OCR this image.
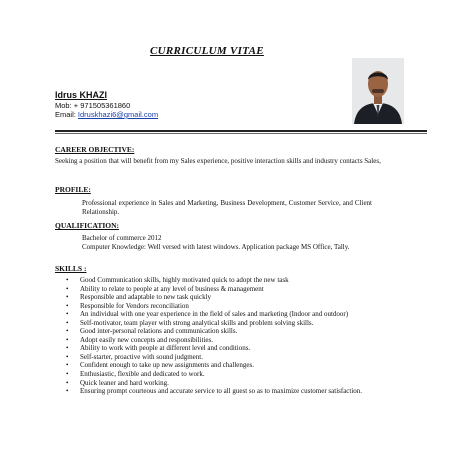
CURRICULUM VITAE
Idrus KHAZI
Mob: + 971505361860
Email: Idruskhazi6@gmail.com
CAREER OBJECTIVE:
Seeking a position that will benefit from my Sales experience, positive interaction skills and industry contacts Sales,
PROFILE:
Professional experience in Sales and Marketing, Business Development, Customer Service, and Client Relationship.
QUALIFICATION:
Bachelor of commerce 2012
Computer Knowledge: Well versed with latest windows. Application package MS Office, Tally.
SKILLS :
• Good Communication skills, highly motivated quick to adopt the new task
• Ability to relate to people at any level of business & management
• Responsible and adaptable to new task quickly
• Responsible for Vendors reconciliation
• An individual with one year experience in the field of sales and marketing (Indoor and outdoor)
• Self-motivator, team player with strong analytical skills and problem solving skills.
• Good inter-personal relations and communication skills.
• Adopt easily new concepts and responsibilities.
• Ability to work with people at different level and conditions.
• Self-starter, proactive with sound judgment.
• Confident enough to take up new assignments and challenges.
• Enthusiastic, flexible and dedicated to work.
• Quick leaner and hard working.
• Ensuring prompt courteous and accurate service to all guest so as to maximize customer satisfaction.
